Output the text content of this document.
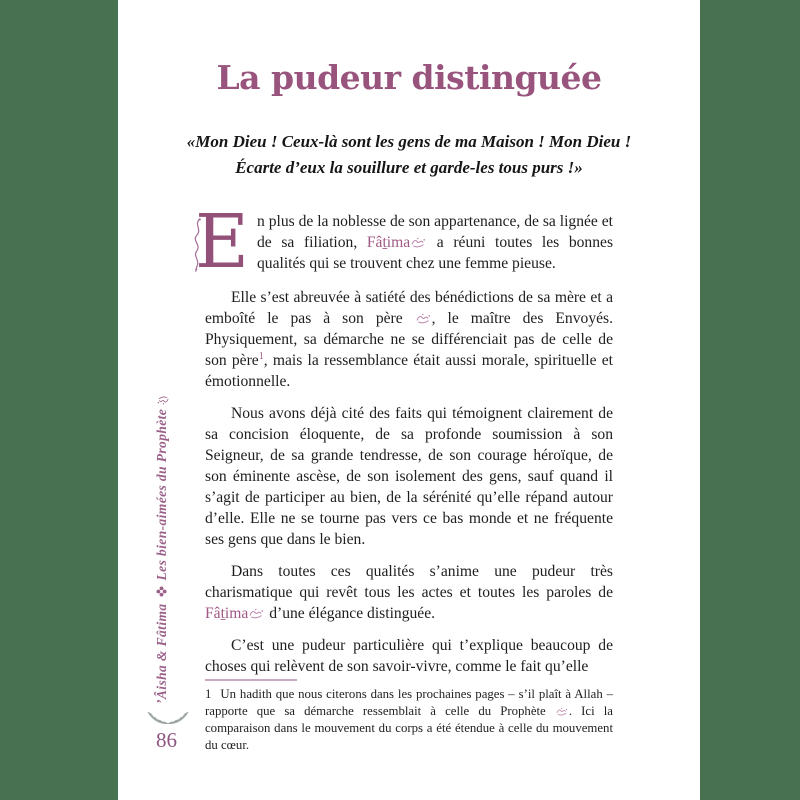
La pudeur distinguée
«Mon Dieu ! Ceux-là sont les gens de ma Maison ! Mon Dieu ! Écarte d’eux la souillure et garde-les tous purs !»

E n plus de la noblesse de son appartenance, de sa lignée et de sa filiation, Fâṯima a réuni toutes les bonnes qualités qui se trouvent chez une femme pieuse.

Elle s’est abreuvée à satiété des bénédictions de sa mère et a emboîté le pas à son père , le maître des Envoyés. Physiquement, sa démarche ne se différenciait pas de celle de son père$^1$, mais la ressemblance était aussi morale, spirituelle et émotionnelle.

Nous avons déjà cité des faits qui témoignent clairement de sa concision éloquente, de sa profonde soumission à son Seigneur, de sa grande tendresse, de son courage héroïque, de son éminente ascèse, de son isolement des gens, sauf quand il s’agit de participer au bien, de la sérénité qu’elle répand autour d’elle. Elle ne se tourne pas vers ce bas monde et ne fréquente ses gens que dans le bien.

Dans toutes ces qualités s’anime une pudeur très charismatique qui revêt tous les actes et toutes les paroles de Fâṯima d’une élégance distinguée.

C’est une pudeur particulière qui t’explique beaucoup de choses qui relèvent de son savoir-vivre, comme le fait qu’elle

1 Un hadith que nous citerons dans les prochaines pages – s’il plaît à Allah – rapporte que sa démarche ressemblait à celle du Prophète . Ici la comparaison dans le mouvement du corps a été étendue à celle du mouvement du cœur.

’Âisha & FâtimaLes bien-aimées du Prophète
86
